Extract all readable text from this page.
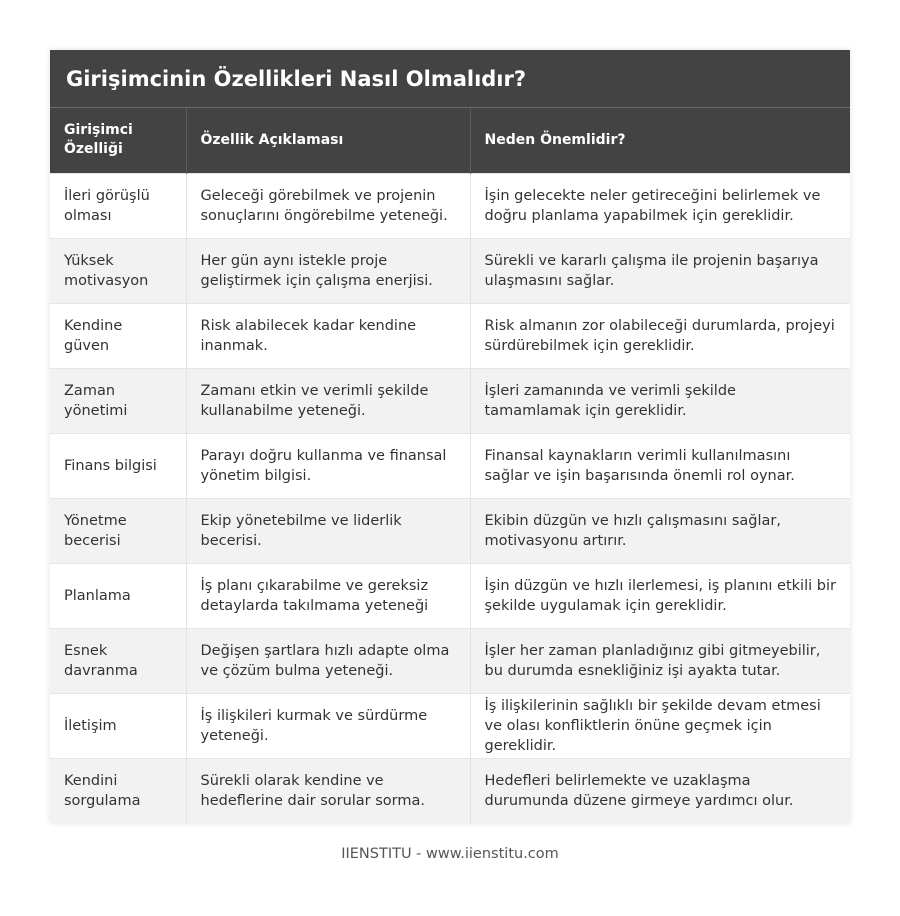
Girişimcinin Özellikleri Nasıl Olmalıdır?
Girişimci Özelliği	Özellik Açıklaması	Neden Önemlidir?
İleri görüşlü olması	Geleceği görebilmek ve projenin sonuçlarını öngörebilme yeteneği.	İşin gelecekte neler getireceğini belirlemek ve doğru planlama yapabilmek için gereklidir.
Yüksek motivasyon	Her gün aynı istekle proje geliştirmek için çalışma enerjisi.	Sürekli ve kararlı çalışma ile projenin başarıya ulaşmasını sağlar.
Kendine güven	Risk alabilecek kadar kendine inanmak.	Risk almanın zor olabileceği durumlarda, projeyi sürdürebilmek için gereklidir.
Zaman yönetimi	Zamanı etkin ve verimli şekilde kullanabilme yeteneği.	İşleri zamanında ve verimli şekilde tamamlamak için gereklidir.
Finans bilgisi	Parayı doğru kullanma ve finansal yönetim bilgisi.	Finansal kaynakların verimli kullanılmasını sağlar ve işin başarısında önemli rol oynar.
Yönetme becerisi	Ekip yönetebilme ve liderlik becerisi.	Ekibin düzgün ve hızlı çalışmasını sağlar, motivasyonu artırır.
Planlama	İş planı çıkarabilme ve gereksiz detaylarda takılmama yeteneği	İşin düzgün ve hızlı ilerlemesi, iş planını etkili bir şekilde uygulamak için gereklidir.
Esnek davranma	Değişen şartlara hızlı adapte olma ve çözüm bulma yeteneği.	İşler her zaman planladığınız gibi gitmeyebilir, bu durumda esnekliğiniz işi ayakta tutar.
İletişim	İş ilişkileri kurmak ve sürdürme yeteneği.	İş ilişkilerinin sağlıklı bir şekilde devam etmesi ve olası konfliktlerin önüne geçmek için gereklidir.
Kendini sorgulama	Sürekli olarak kendine ve hedeflerine dair sorular sorma.	Hedefleri belirlemekte ve uzaklaşma durumunda düzene girmeye yardımcı olur.
IIENSTITU - www.iienstitu.com
